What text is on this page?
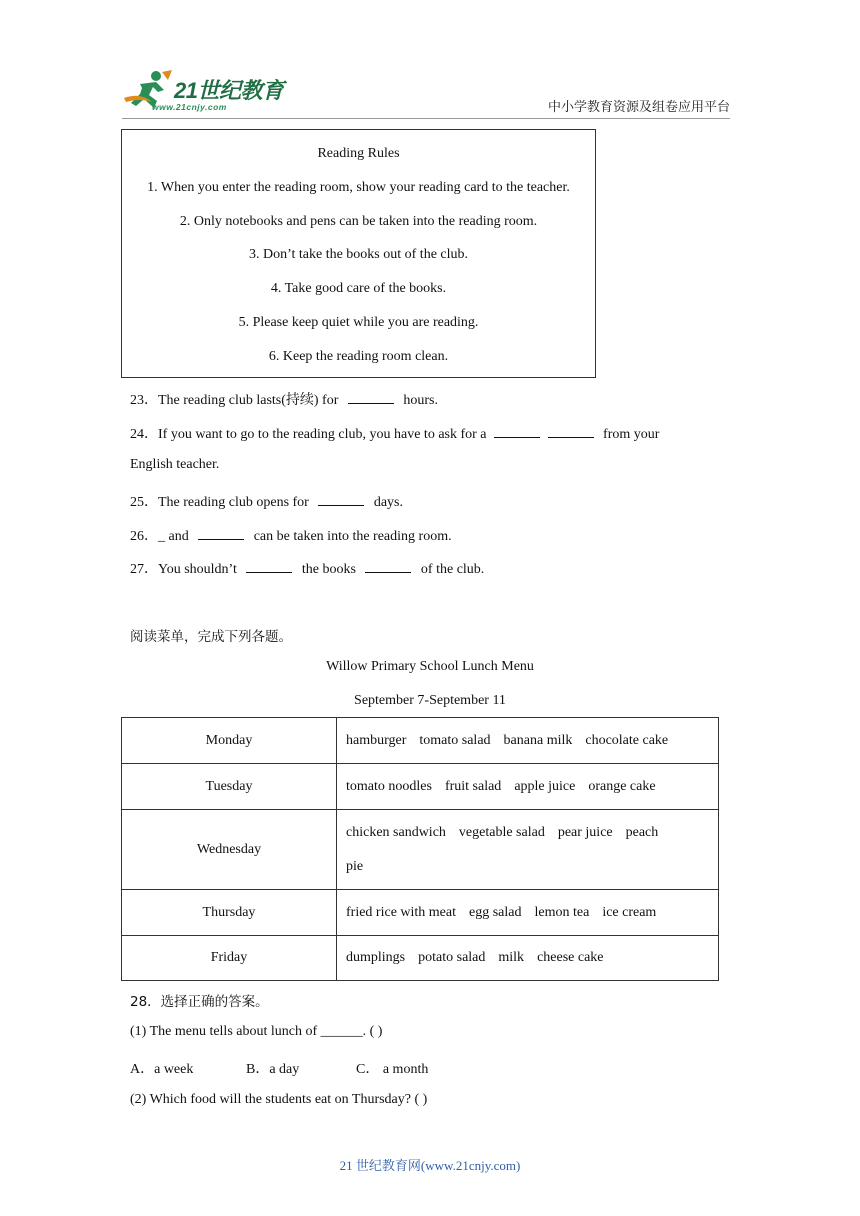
21世纪教育
www.21cnjy.com	中小学教育资源及组卷应用平台
Reading Rules
1. When you enter the reading room, show your reading card to the teacher.
2. Only notebooks and pens can be taken into the reading room.
3. Don’t take the books out of the club.
4. Take good care of the books.
5. Please keep quiet while you are reading.
6. Keep the reading room clean.
23．The reading club lasts(持续) for	hours.
24．If you want to go to the reading club, you have to ask for a	from your
English teacher.
25．The reading club opens for	days.
26．_ and	can be taken into the reading room.
27．You shouldn’t	the books	of the club.
阅读菜单，完成下列各题。
Willow Primary School Lunch Menu
September 7-September 11
Monday	hamburger tomato salad banana milk chocolate cake
Tuesday	tomato noodles fruit salad apple juice orange cake
Wednesday	chicken sandwich vegetable salad pear juice peach
pie

Thursday	fried rice with meat egg salad lemon tea ice cream
Friday	dumplings potato salad milk cheese cake
28．选择正确的答案。
(1) The menu tells about lunch of ______. ( )
A．a week	B．a day	C． a month
(2) Which food will the students eat on Thursday? ( )
21 世纪教育网(www.21cnjy.com)
